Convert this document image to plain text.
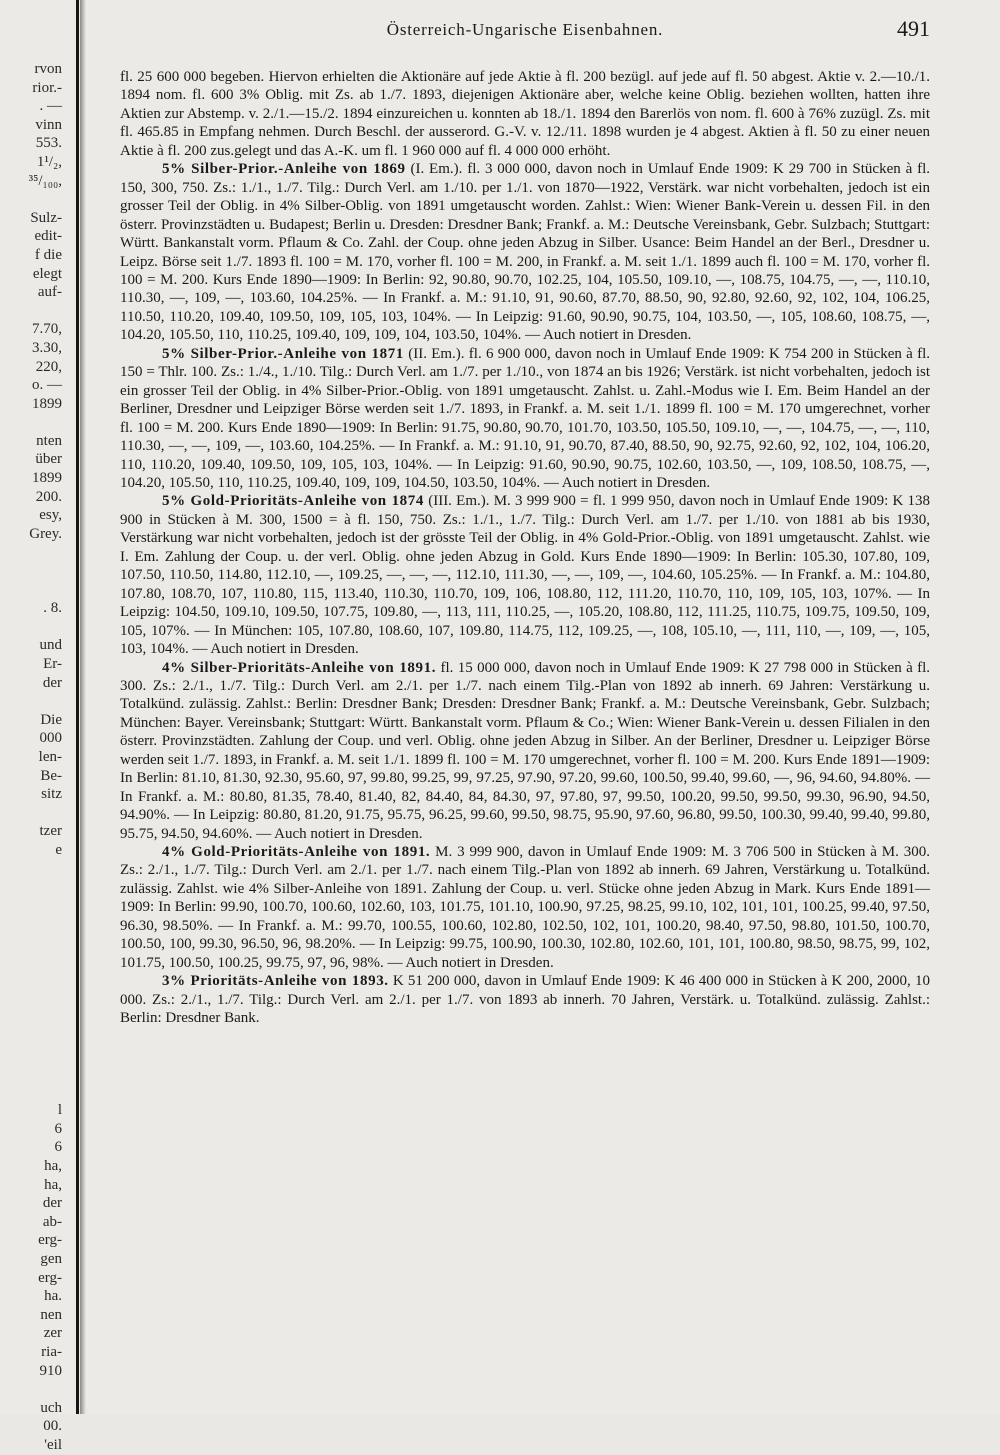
rvon
rior.-
. —
vinn
553.
1¹/₂,
³⁵/₁₀₀,
Sulz-
edit-
f die
elegt
auf-
7.70,
3.30,
220,
o. —
1899
nten
über
1899
200.
esy,
Grey.
. 8.
und
Er-
der
Die
000
len-
Be-
sitz
tzer
e
l
6
6
ha,
ha,
der
ab-
erg-
gen
erg-
ha.
nen
zer
ria-
910
uch
00.
'eil
Österreich-Ungarische Eisenbahnen.	491

fl. 25 600 000 begeben. Hiervon erhielten die Aktionäre auf jede Aktie à fl. 200 bezügl. auf jede auf fl. 50 abgest. Aktie v. 2.—10./1. 1894 nom. fl. 600 3% Oblig. mit Zs. ab 1./7. 1893, diejenigen Aktionäre aber, welche keine Oblig. beziehen wollten, hatten ihre Aktien zur Abstemp. v. 2./1.—15./2. 1894 einzureichen u. konnten ab 18./1. 1894 den Barerlös von nom. fl. 600 à 76% zuzügl. Zs. mit fl. 465.85 in Empfang nehmen. Durch Beschl. der ausserord. G.-V. v. 12./11. 1898 wurden je 4 abgest. Aktien à fl. 50 zu einer neuen Aktie à fl. 200 zus.gelegt und das A.-K. um fl. 1 960 000 auf fl. 4 000 000 erhöht.

5% Silber-Prior.-Anleihe von 1869 (I. Em.). fl. 3 000 000, davon noch in Umlauf Ende 1909: K 29 700 in Stücken à fl. 150, 300, 750. Zs.: 1./1., 1./7. Tilg.: Durch Verl. am 1./10. per 1./1. von 1870—1922, Verstärk. war nicht vorbehalten, jedoch ist ein grosser Teil der Oblig. in 4% Silber-Oblig. von 1891 umgetauscht worden. Zahlst.: Wien: Wiener Bank-Verein u. dessen Fil. in den österr. Provinzstädten u. Budapest; Berlin u. Dresden: Dresdner Bank; Frankf. a. M.: Deutsche Vereinsbank, Gebr. Sulzbach; Stuttgart: Württ. Bankanstalt vorm. Pflaum & Co. Zahl. der Coup. ohne jeden Abzug in Silber. Usance: Beim Handel an der Berl., Dresdner u. Leipz. Börse seit 1./7. 1893 fl. 100 = M. 170, vorher fl. 100 = M. 200, in Frankf. a. M. seit 1./1. 1899 auch fl. 100 = M. 170, vorher fl. 100 = M. 200. Kurs Ende 1890—1909: In Berlin: 92, 90.80, 90.70, 102.25, 104, 105.50, 109.10, —, 108.75, 104.75, —, —, 110.10, 110.30, —, 109, —, 103.60, 104.25%. — In Frankf. a. M.: 91.10, 91, 90.60, 87.70, 88.50, 90, 92.80, 92.60, 92, 102, 104, 106.25, 110.50, 110.20, 109.40, 109.50, 109, 105, 103, 104%. — In Leipzig: 91.60, 90.90, 90.75, 104, 103.50, —, 105, 108.60, 108.75, —, 104.20, 105.50, 110, 110.25, 109.40, 109, 109, 104, 103.50, 104%. — Auch notiert in Dresden.

5% Silber-Prior.-Anleihe von 1871 (II. Em.). fl. 6 900 000, davon noch in Umlauf Ende 1909: K 754 200 in Stücken à fl. 150 = Thlr. 100. Zs.: 1./4., 1./10. Tilg.: Durch Verl. am 1./7. per 1./10., von 1874 an bis 1926; Verstärk. ist nicht vorbehalten, jedoch ist ein grosser Teil der Oblig. in 4% Silber-Prior.-Oblig. von 1891 umgetauscht. Zahlst. u. Zahl.-Modus wie I. Em. Beim Handel an der Berliner, Dresdner und Leipziger Börse werden seit 1./7. 1893, in Frankf. a. M. seit 1./1. 1899 fl. 100 = M. 170 umgerechnet, vorher fl. 100 = M. 200. Kurs Ende 1890—1909: In Berlin: 91.75, 90.80, 90.70, 101.70, 103.50, 105.50, 109.10, —, —, 104.75, —, —, 110, 110.30, —, —, 109, —, 103.60, 104.25%. — In Frankf. a. M.: 91.10, 91, 90.70, 87.40, 88.50, 90, 92.75, 92.60, 92, 102, 104, 106.20, 110, 110.20, 109.40, 109.50, 109, 105, 103, 104%. — In Leipzig: 91.60, 90.90, 90.75, 102.60, 103.50, —, 109, 108.50, 108.75, —, 104.20, 105.50, 110, 110.25, 109.40, 109, 109, 104.50, 103.50, 104%. — Auch notiert in Dresden.

5% Gold-Prioritäts-Anleihe von 1874 (III. Em.). M. 3 999 900 = fl. 1 999 950, davon noch in Umlauf Ende 1909: K 138 900 in Stücken à M. 300, 1500 = à fl. 150, 750. Zs.: 1./1., 1./7. Tilg.: Durch Verl. am 1./7. per 1./10. von 1881 ab bis 1930, Verstärkung war nicht vorbehalten, jedoch ist der grösste Teil der Oblig. in 4% Gold-Prior.-Oblig. von 1891 umgetauscht. Zahlst. wie I. Em. Zahlung der Coup. u. der verl. Oblig. ohne jeden Abzug in Gold. Kurs Ende 1890—1909: In Berlin: 105.30, 107.80, 109, 107.50, 110.50, 114.80, 112.10, —, 109.25, —, —, —, 112.10, 111.30, —, —, 109, —, 104.60, 105.25%. — In Frankf. a. M.: 104.80, 107.80, 108.70, 107, 110.80, 115, 113.40, 110.30, 110.70, 109, 106, 108.80, 112, 111.20, 110.70, 110, 109, 105, 103, 107%. — In Leipzig: 104.50, 109.10, 109.50, 107.75, 109.80, —, 113, 111, 110.25, —, 105.20, 108.80, 112, 111.25, 110.75, 109.75, 109.50, 109, 105, 107%. — In München: 105, 107.80, 108.60, 107, 109.80, 114.75, 112, 109.25, —, 108, 105.10, —, 111, 110, —, 109, —, 105, 103, 104%. — Auch notiert in Dresden.

4% Silber-Prioritäts-Anleihe von 1891. fl. 15 000 000, davon noch in Umlauf Ende 1909: K 27 798 000 in Stücken à fl. 300. Zs.: 2./1., 1./7. Tilg.: Durch Verl. am 2./1. per 1./7. nach einem Tilg.-Plan von 1892 ab innerh. 69 Jahren: Verstärkung u. Totalkünd. zulässig. Zahlst.: Berlin: Dresdner Bank; Dresden: Dresdner Bank; Frankf. a. M.: Deutsche Vereinsbank, Gebr. Sulzbach; München: Bayer. Vereinsbank; Stuttgart: Württ. Bankanstalt vorm. Pflaum & Co.; Wien: Wiener Bank-Verein u. dessen Filialen in den österr. Provinzstädten. Zahlung der Coup. und verl. Oblig. ohne jeden Abzug in Silber. An der Berliner, Dresdner u. Leipziger Börse werden seit 1./7. 1893, in Frankf. a. M. seit 1./1. 1899 fl. 100 = M. 170 umgerechnet, vorher fl. 100 = M. 200. Kurs Ende 1891—1909: In Berlin: 81.10, 81.30, 92.30, 95.60, 97, 99.80, 99.25, 99, 97.25, 97.90, 97.20, 99.60, 100.50, 99.40, 99.60, —, 96, 94.60, 94.80%. — In Frankf. a. M.: 80.80, 81.35, 78.40, 81.40, 82, 84.40, 84, 84.30, 97, 97.80, 97, 99.50, 100.20, 99.50, 99.50, 99.30, 96.90, 94.50, 94.90%. — In Leipzig: 80.80, 81.20, 91.75, 95.75, 96.25, 99.60, 99.50, 98.75, 95.90, 97.60, 96.80, 99.50, 100.30, 99.40, 99.40, 99.80, 95.75, 94.50, 94.60%. — Auch notiert in Dresden.

4% Gold-Prioritäts-Anleihe von 1891. M. 3 999 900, davon in Umlauf Ende 1909: M. 3 706 500 in Stücken à M. 300. Zs.: 2./1., 1./7. Tilg.: Durch Verl. am 2./1. per 1./7. nach einem Tilg.-Plan von 1892 ab innerh. 69 Jahren, Verstärkung u. Totalkünd. zulässig. Zahlst. wie 4% Silber-Anleihe von 1891. Zahlung der Coup. u. verl. Stücke ohne jeden Abzug in Mark. Kurs Ende 1891—1909: In Berlin: 99.90, 100.70, 100.60, 102.60, 103, 101.75, 101.10, 100.90, 97.25, 98.25, 99.10, 102, 101, 101, 100.25, 99.40, 97.50, 96.30, 98.50%. — In Frankf. a. M.: 99.70, 100.55, 100.60, 102.80, 102.50, 102, 101, 100.20, 98.40, 97.50, 98.80, 101.50, 100.70, 100.50, 100, 99.30, 96.50, 96, 98.20%. — In Leipzig: 99.75, 100.90, 100.30, 102.80, 102.60, 101, 101, 100.80, 98.50, 98.75, 99, 102, 101.75, 100.50, 100.25, 99.75, 97, 96, 98%. — Auch notiert in Dresden.

3% Prioritäts-Anleihe von 1893. K 51 200 000, davon in Umlauf Ende 1909: K 46 400 000 in Stücken à K 200, 2000, 10 000. Zs.: 2./1., 1./7. Tilg.: Durch Verl. am 2./1. per 1./7. von 1893 ab innerh. 70 Jahren, Verstärk. u. Totalkünd. zulässig. Zahlst.: Berlin: Dresdner Bank.
